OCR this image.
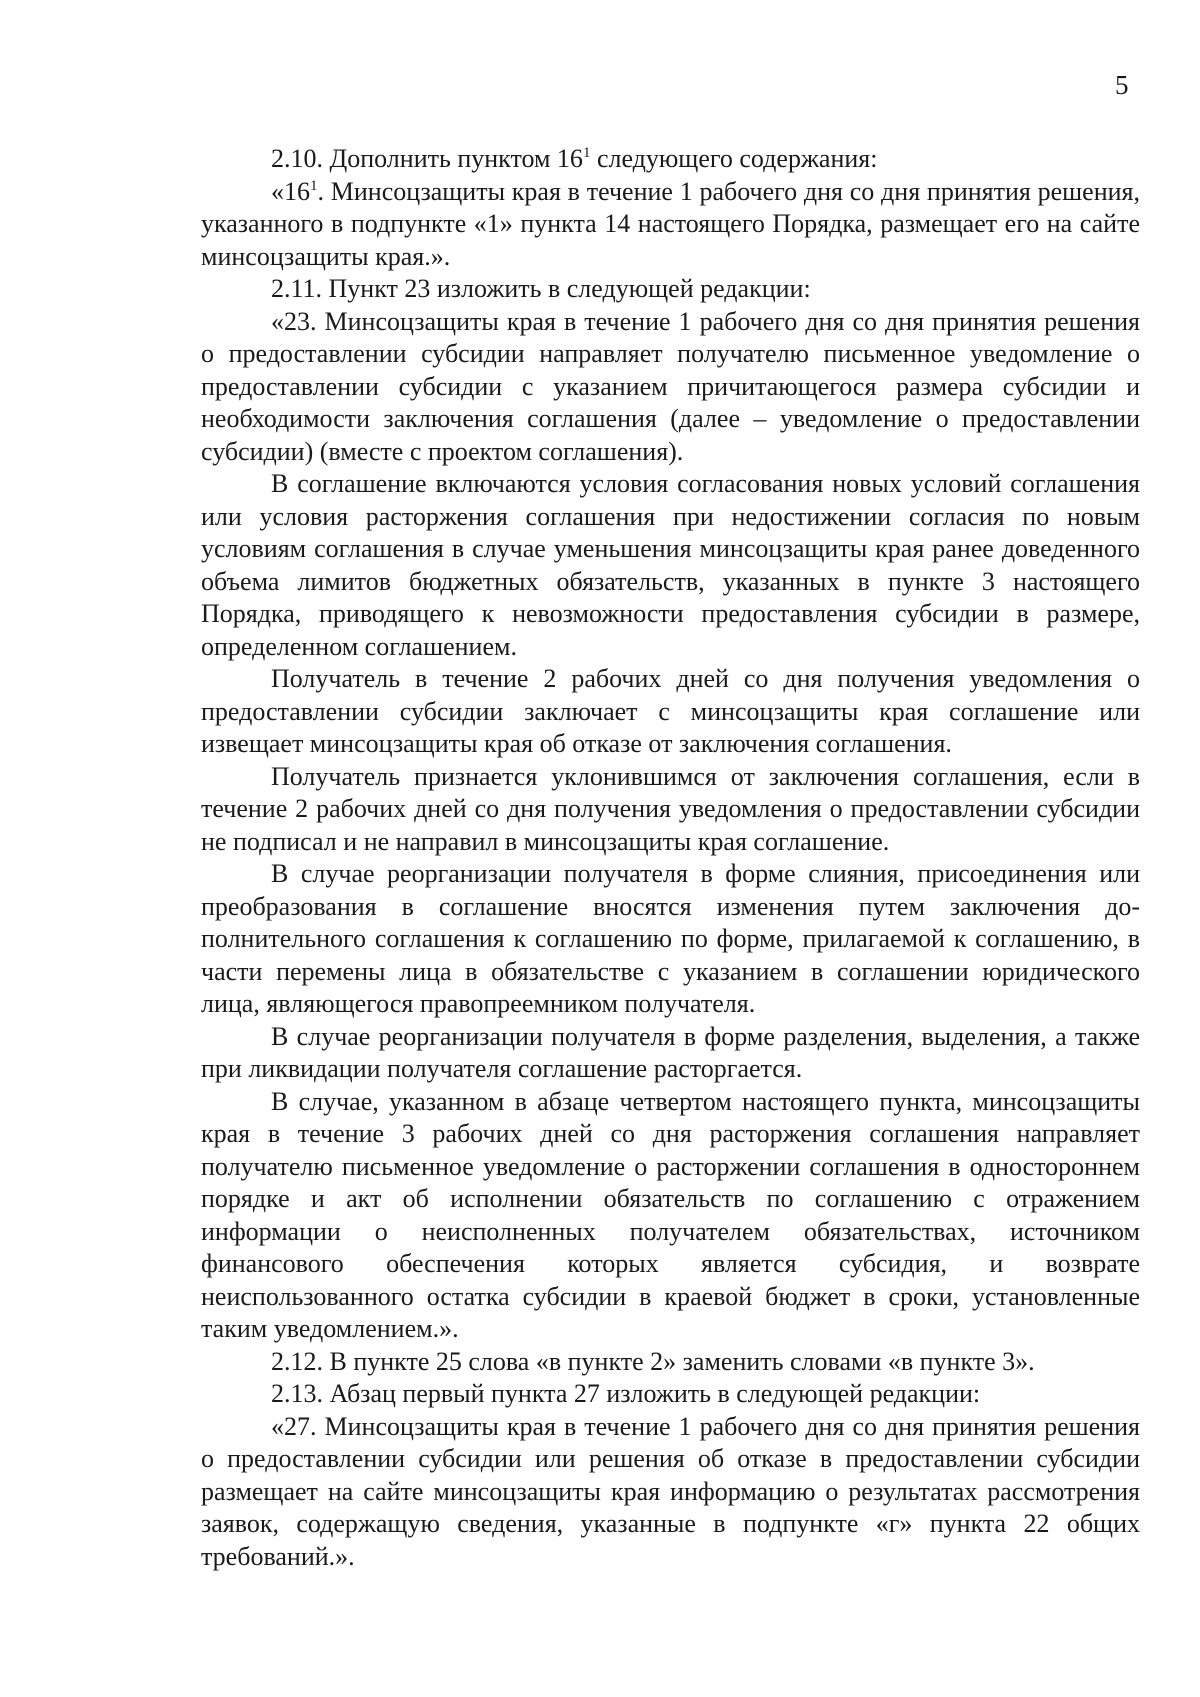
5

2.10. Дополнить пунктом $16^1$ следующего содержания:

«$16^1$. Минсоцзащиты края в течение 1 рабочего дня со дня принятия решения, указанного в подпункте «1» пункта 14 настоящего Порядка, размещает его на сайте минсоцзащиты края.».

2.11. Пункт 23 изложить в следующей редакции:

«23. Минсоцзащиты края в течение 1 рабочего дня со дня принятия решения о предоставлении субсидии направляет получателю письменное уведомление о предоставлении субсидии с указанием причитающегося размера субсидии и необходимости заключения соглашения (далее – уведомление о предоставлении субсидии) (вместе с проектом соглашения).

В соглашение включаются условия согласования новых условий соглашения или условия расторжения соглашения при недостижении согласия по новым условиям соглашения в случае уменьшения минсоцзащиты края ранее доведенного объема лимитов бюджетных обязательств, указанных в пункте 3 настоящего Порядка, приводящего к невозможности предоставления субсидии в размере, определенном соглашением.

Получатель в течение 2 рабочих дней со дня получения уведомления о предоставлении субсидии заключает с минсоцзащиты края соглашение или извещает минсоцзащиты края об отказе от заключения соглашения.

Получатель признается уклонившимся от заключения соглашения, если в течение 2 рабочих дней со дня получения уведомления о предоставлении субсидии не подписал и не направил в минсоцзащиты края соглашение.

В случае реорганизации получателя в форме слияния, присоединения или преобразования в соглашение вносятся изменения путем заключения дополнительного соглашения к соглашению по форме, прилагаемой к соглашению, в части перемены лица в обязательстве с указанием в соглашении юридического лица, являющегося правопреемником получателя.

В случае реорганизации получателя в форме разделения, выделения, а также при ликвидации получателя соглашение расторгается.

В случае, указанном в абзаце четвертом настоящего пункта, минсоцзащиты края в течение 3 рабочих дней со дня расторжения соглашения направляет получателю письменное уведомление о расторжении соглашения в одностороннем порядке и акт об исполнении обязательств по соглашению с отражением информации о неисполненных получателем обязательствах, источником финансового обеспечения которых является субсидия, и возврате неиспользованного остатка субсидии в краевой бюджет в сроки, установленные таким уведомлением.».

2.12. В пункте 25 слова «в пункте 2» заменить словами «в пункте 3».

2.13. Абзац первый пункта 27 изложить в следующей редакции:

«27. Минсоцзащиты края в течение 1 рабочего дня со дня принятия решения о предоставлении субсидии или решения об отказе в предоставлении субсидии размещает на сайте минсоцзащиты края информацию о результатах рассмотрения заявок, содержащую сведения, указанные в подпункте «г» пункта 22 общих требований.».
